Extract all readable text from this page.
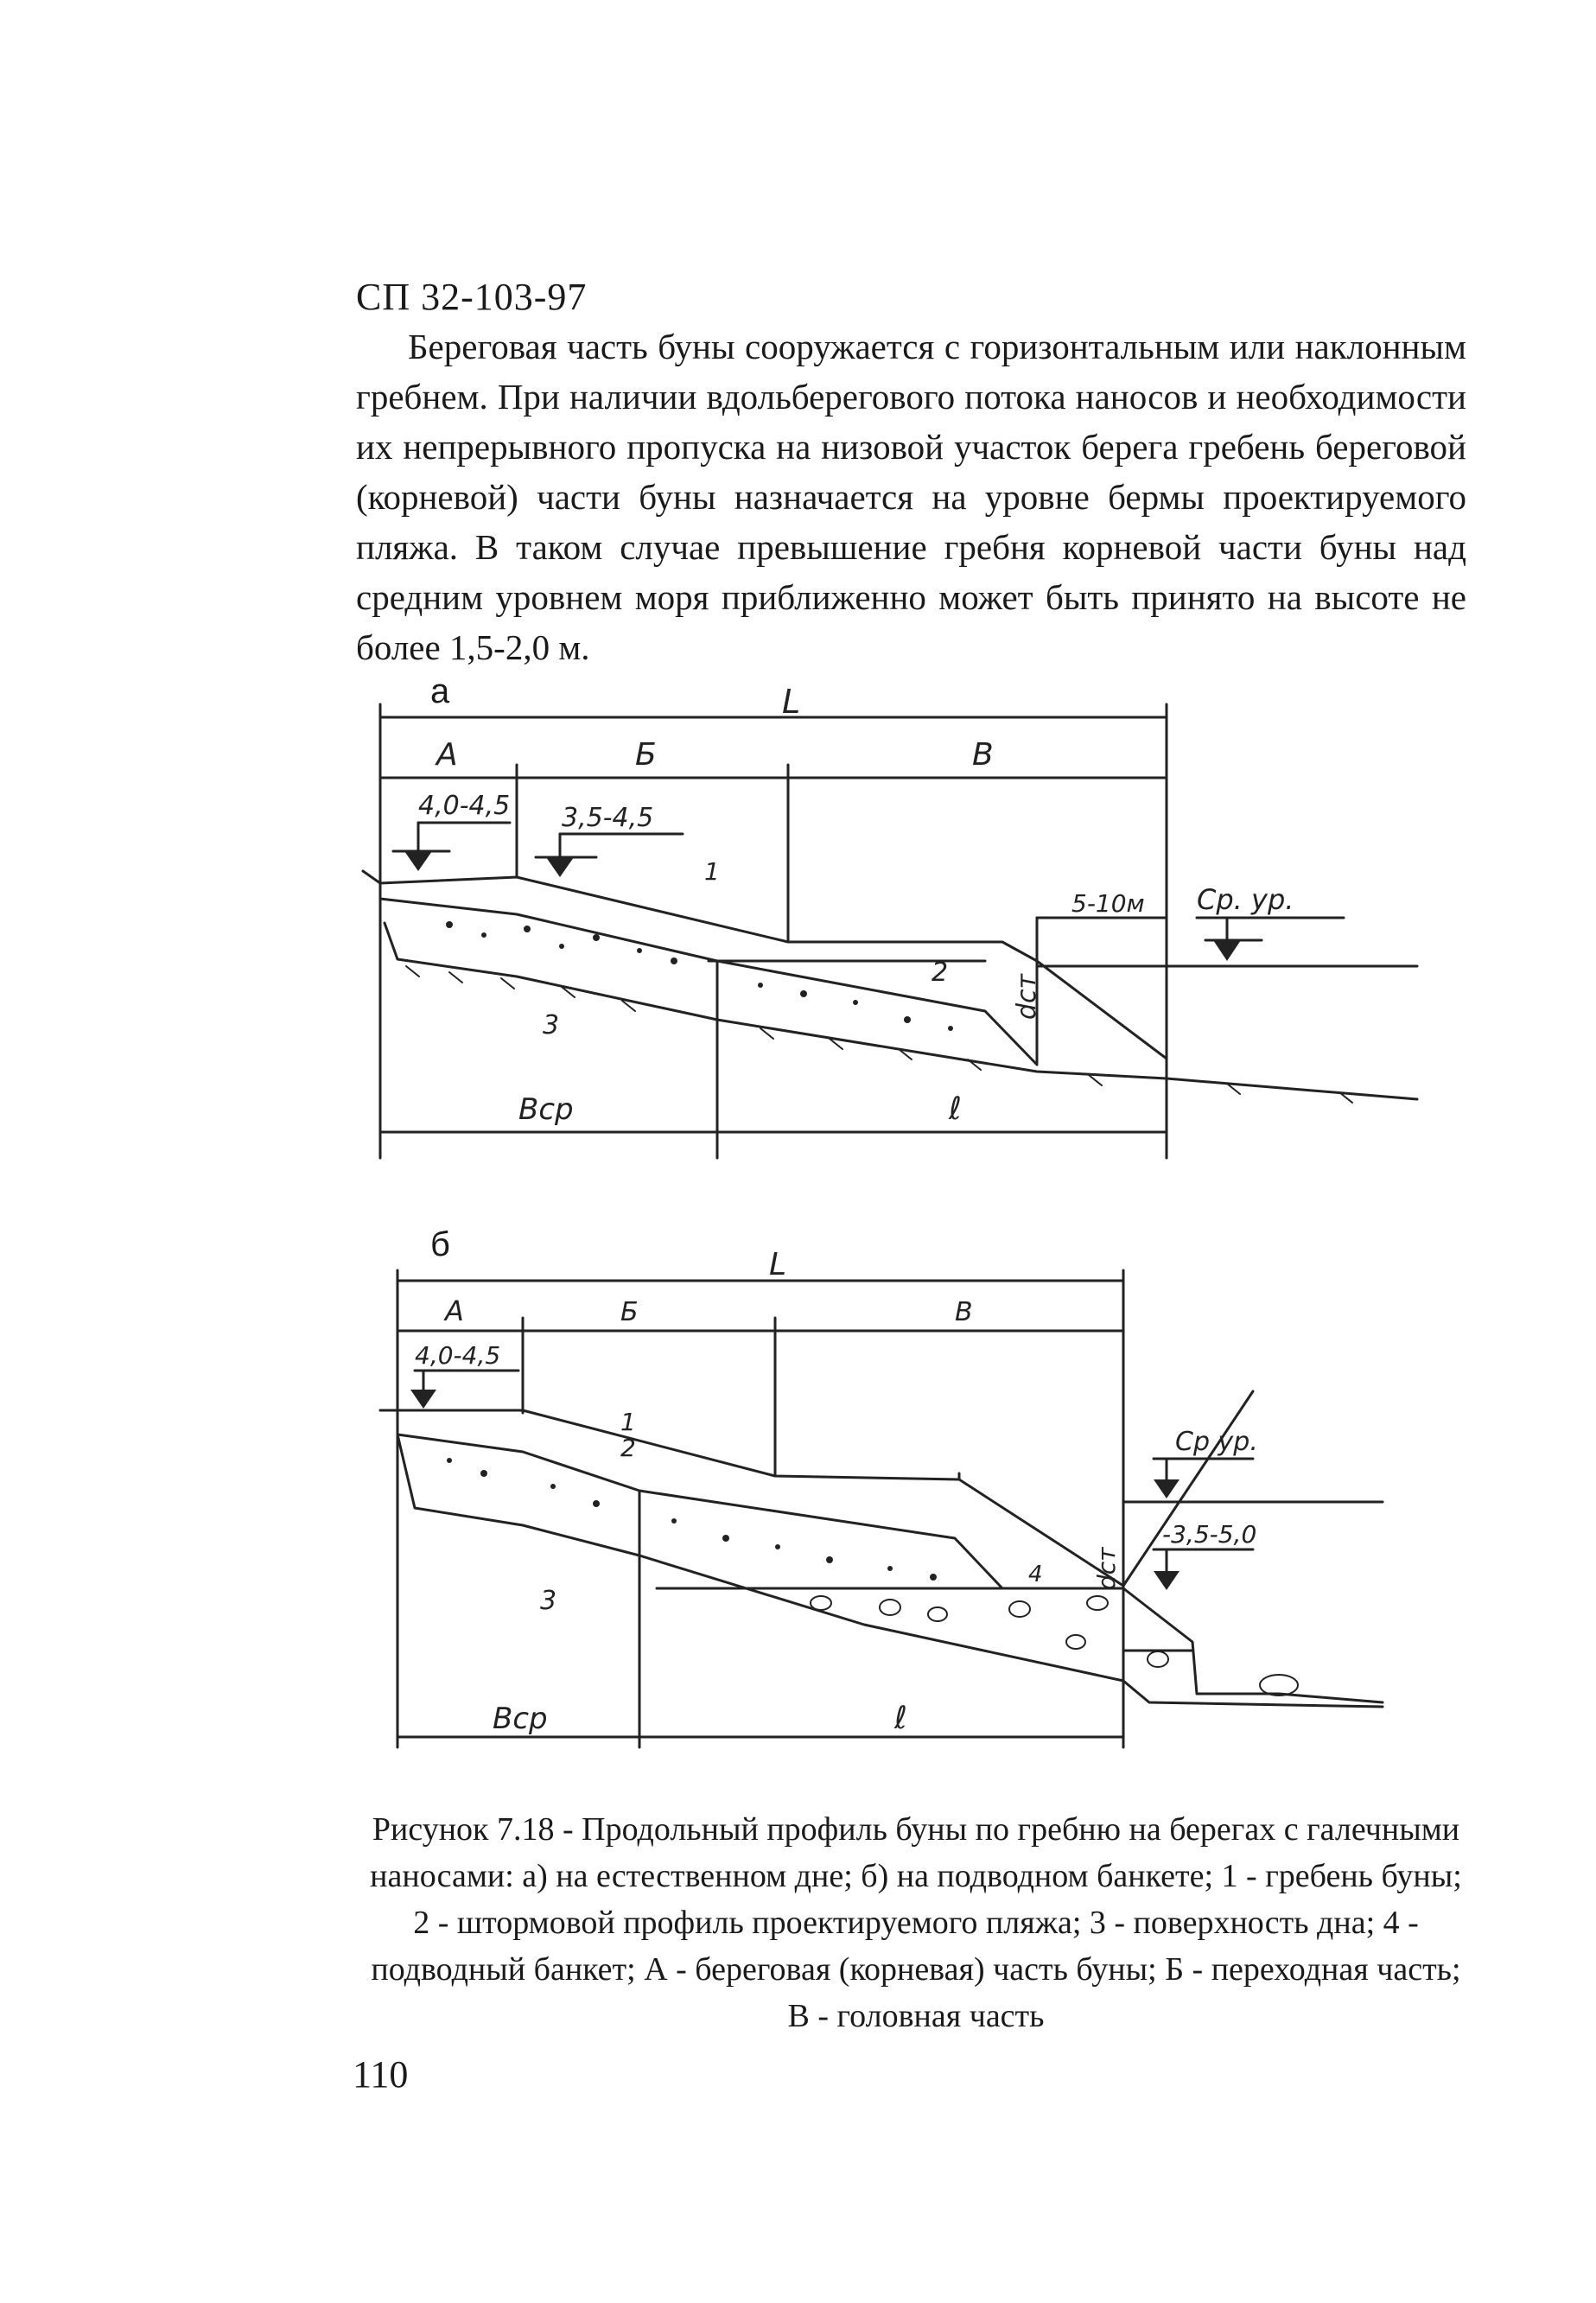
СП 32-103-97

Береговая часть буны сооружается с горизонтальным или наклонным гребнем. При наличии вдольберегового потока наносов и необходимости их непрерывного пропуска на низовой участок берега гребень береговой (корневой) части буны назначается на уровне бермы проектируемого пляжа. В таком случае превышение гребня корневой части буны над средним уровнем моря приближенно может быть принято на высоте не более 1,5-2,0 м.

а
б
L
A	Б	В
4,0-4,5 3,5-4,5
5-10м Ср. ур.
dст
1
2
3
Вср	ℓ
L
A	Б	В
4,0-4,5
Ср ур.
dст
-3,5-5,0
1
2
3
4
Вср	ℓ

Рисунок 7.18 - Продольный профиль буны по гребню на берегах с галечными наносами: а) на естественном дне; б) на подводном банкете; 1 - гребень буны; 2 - штормовой профиль проектируемого пляжа; 3 - поверхность дна; 4 - подводный банкет; А - береговая (корневая) часть буны; Б - переходная часть; В - головная часть

110
